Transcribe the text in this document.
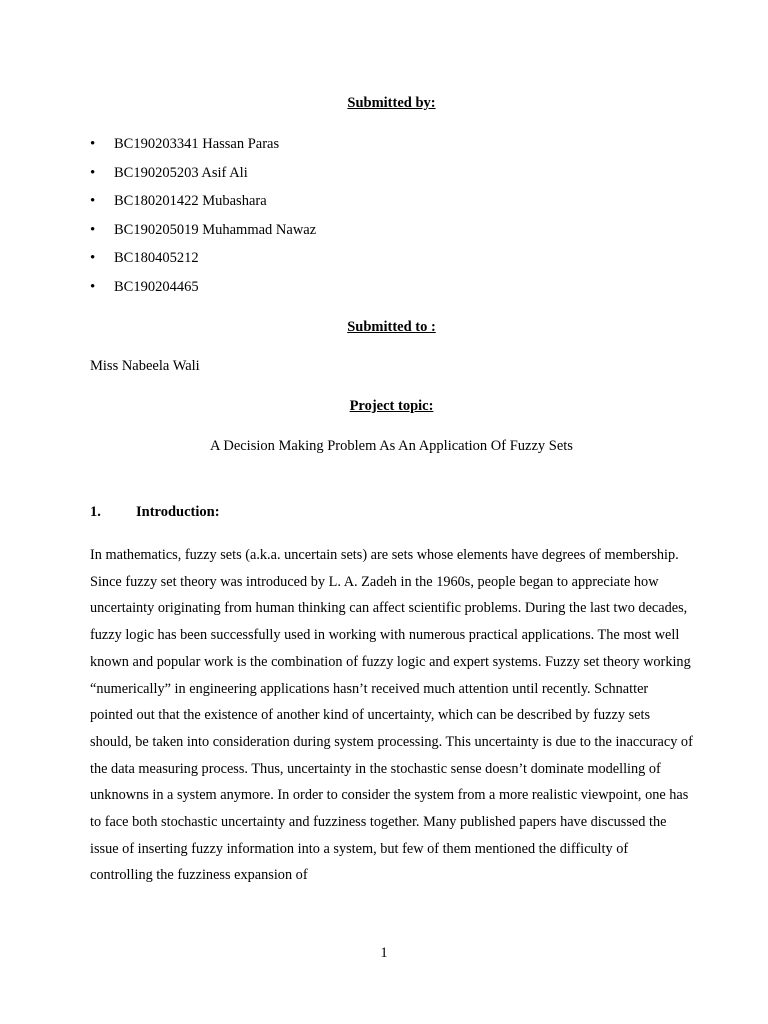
Submitted by:
•	BC190203341 Hassan Paras
•	BC190205203 Asif Ali
•	BC180201422 Mubashara
•	BC190205019 Muhammad Nawaz
•	BC180405212
•	BC190204465
Submitted to :
Miss Nabeela Wali
Project topic:
A Decision Making Problem As An Application Of Fuzzy Sets
1. Introduction:

In mathematics, fuzzy sets (a.k.a. uncertain sets) are sets whose elements have degrees of membership. Since fuzzy set theory was introduced by L. A. Zadeh in the 1960s, people began to appreciate how uncertainty originating from human thinking can affect scientific problems. During the last two decades, fuzzy logic has been successfully used in working with numerous practical applications. The most well known and popular work is the combination of fuzzy logic and expert systems. Fuzzy set theory working “numerically” in engineering applications hasn’t received much attention until recently. Schnatter pointed out that the existence of another kind of uncertainty, which can be described by fuzzy sets should, be taken into consideration during system processing. This uncertainty is due to the inaccuracy of the data measuring process. Thus, uncertainty in the stochastic sense doesn’t dominate modelling of unknowns in a system anymore. In order to consider the system from a more realistic viewpoint, one has to face both stochastic uncertainty and fuzziness together. Many published papers have discussed the issue of inserting fuzzy information into a system, but few of them mentioned the difficulty of controlling the fuzziness expansion of

1
